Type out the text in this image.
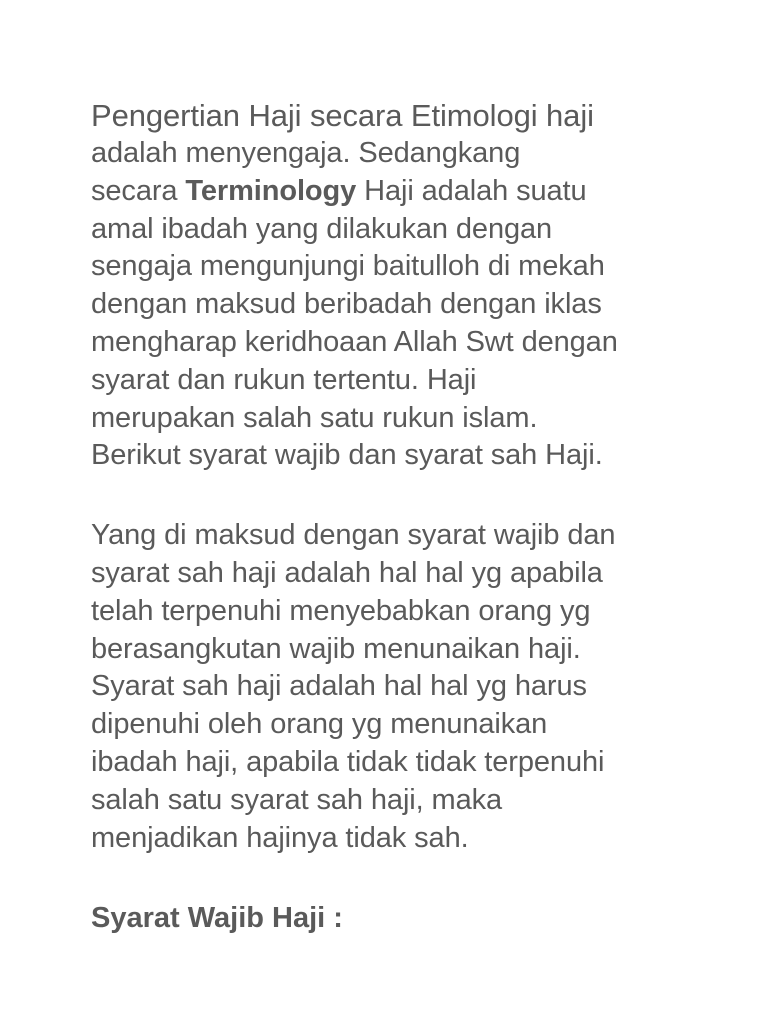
Pengertian Haji secara Etimologi haji
adalah menyengaja. Sedangkang
secara Terminology Haji adalah suatu
amal ibadah yang dilakukan dengan
sengaja mengunjungi baitulloh di mekah
dengan maksud beribadah dengan iklas
mengharap keridhoaan Allah Swt dengan
syarat dan rukun tertentu. Haji
merupakan salah satu rukun islam.
Berikut syarat wajib dan syarat sah Haji.
Yang di maksud dengan syarat wajib dan
syarat sah haji adalah hal hal yg apabila
telah terpenuhi menyebabkan orang yg
berasangkutan wajib menunaikan haji.
Syarat sah haji adalah hal hal yg harus
dipenuhi oleh orang yg menunaikan
ibadah haji, apabila tidak tidak terpenuhi
salah satu syarat sah haji, maka
menjadikan hajinya tidak sah.
Syarat Wajib Haji :
